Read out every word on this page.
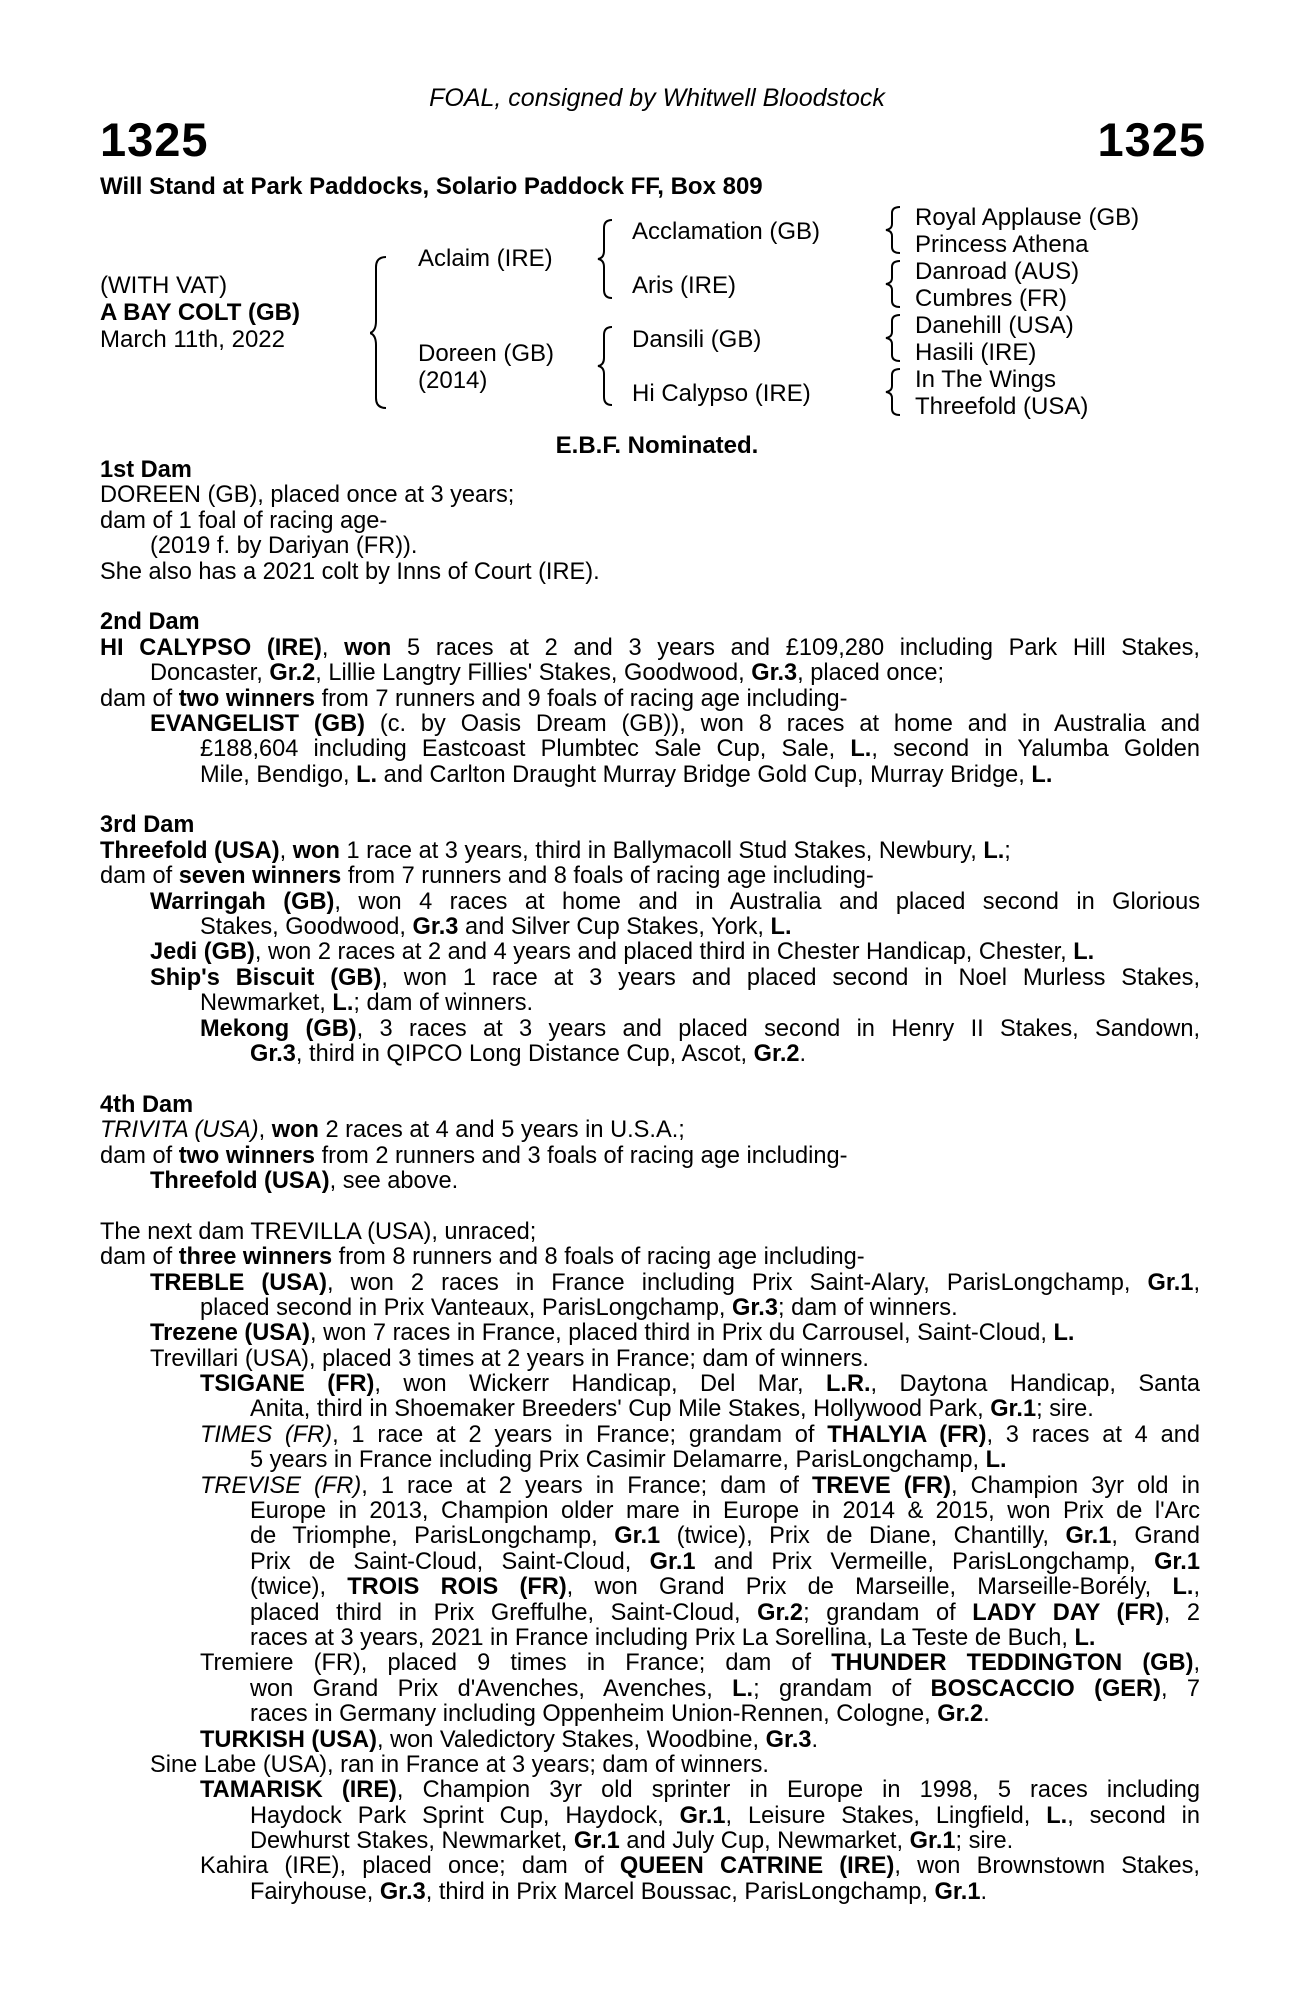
FOAL, consigned by Whitwell Bloodstock
1325	1325
Will Stand at Park Paddocks, Solario Paddock FF, Box 809
(WITH VAT)
A BAY COLT (GB)
March 11th, 2022
Aclaim (IRE)
Doreen (GB)
(2014)
Acclamation (GB)
Aris (IRE)
Dansili (GB)
Hi Calypso (IRE)
Royal Applause (GB)
Princess Athena
Danroad (AUS)
Cumbres (FR)
Danehill (USA)
Hasili (IRE)
In The Wings
Threefold (USA)
E.B.F. Nominated.
1st Dam
DOREEN (GB), placed once at 3 years;
dam of 1 foal of racing age-
(2019 f. by Dariyan (FR)).
She also has a 2021 colt by Inns of Court (IRE).
2nd Dam
HI CALYPSO (IRE), won 5 races at 2 and 3 years and £109,280 including Park Hill Stakes,
Doncaster, Gr.2, Lillie Langtry Fillies' Stakes, Goodwood, Gr.3, placed once;
dam of two winners from 7 runners and 9 foals of racing age including-
EVANGELIST (GB) (c. by Oasis Dream (GB)), won 8 races at home and in Australia and
£188,604 including Eastcoast Plumbtec Sale Cup, Sale, L., second in Yalumba Golden
Mile, Bendigo, L. and Carlton Draught Murray Bridge Gold Cup, Murray Bridge, L.
3rd Dam
Threefold (USA), won 1 race at 3 years, third in Ballymacoll Stud Stakes, Newbury, L.;
dam of seven winners from 7 runners and 8 foals of racing age including-
Warringah (GB), won 4 races at home and in Australia and placed second in Glorious
Stakes, Goodwood, Gr.3 and Silver Cup Stakes, York, L.
Jedi (GB), won 2 races at 2 and 4 years and placed third in Chester Handicap, Chester, L.
Ship's Biscuit (GB), won 1 race at 3 years and placed second in Noel Murless Stakes,
Newmarket, L.; dam of winners.
Mekong (GB), 3 races at 3 years and placed second in Henry II Stakes, Sandown,
Gr.3, third in QIPCO Long Distance Cup, Ascot, Gr.2.
4th Dam
TRIVITA (USA), won 2 races at 4 and 5 years in U.S.A.;
dam of two winners from 2 runners and 3 foals of racing age including-
Threefold (USA), see above.
The next dam TREVILLA (USA), unraced;
dam of three winners from 8 runners and 8 foals of racing age including-
TREBLE (USA), won 2 races in France including Prix Saint-Alary, ParisLongchamp, Gr.1,
placed second in Prix Vanteaux, ParisLongchamp, Gr.3; dam of winners.
Trezene (USA), won 7 races in France, placed third in Prix du Carrousel, Saint-Cloud, L.
Trevillari (USA), placed 3 times at 2 years in France; dam of winners.
TSIGANE (FR), won Wickerr Handicap, Del Mar, L.R., Daytona Handicap, Santa
Anita, third in Shoemaker Breeders' Cup Mile Stakes, Hollywood Park, Gr.1; sire.
TIMES (FR), 1 race at 2 years in France; grandam of THALYIA (FR), 3 races at 4 and
5 years in France including Prix Casimir Delamarre, ParisLongchamp, L.
TREVISE (FR), 1 race at 2 years in France; dam of TREVE (FR), Champion 3yr old in
Europe in 2013, Champion older mare in Europe in 2014 & 2015, won Prix de l'Arc
de Triomphe, ParisLongchamp, Gr.1 (twice), Prix de Diane, Chantilly, Gr.1, Grand
Prix de Saint-Cloud, Saint-Cloud, Gr.1 and Prix Vermeille, ParisLongchamp, Gr.1
(twice), TROIS ROIS (FR), won Grand Prix de Marseille, Marseille-Borély, L.,
placed third in Prix Greffulhe, Saint-Cloud, Gr.2; grandam of LADY DAY (FR), 2
races at 3 years, 2021 in France including Prix La Sorellina, La Teste de Buch, L.
Tremiere (FR), placed 9 times in France; dam of THUNDER TEDDINGTON (GB),
won Grand Prix d'Avenches, Avenches, L.; grandam of BOSCACCIO (GER), 7
races in Germany including Oppenheim Union-Rennen, Cologne, Gr.2.
TURKISH (USA), won Valedictory Stakes, Woodbine, Gr.3.
Sine Labe (USA), ran in France at 3 years; dam of winners.
TAMARISK (IRE), Champion 3yr old sprinter in Europe in 1998, 5 races including
Haydock Park Sprint Cup, Haydock, Gr.1, Leisure Stakes, Lingfield, L., second in
Dewhurst Stakes, Newmarket, Gr.1 and July Cup, Newmarket, Gr.1; sire.
Kahira (IRE), placed once; dam of QUEEN CATRINE (IRE), won Brownstown Stakes,
Fairyhouse, Gr.3, third in Prix Marcel Boussac, ParisLongchamp, Gr.1.
